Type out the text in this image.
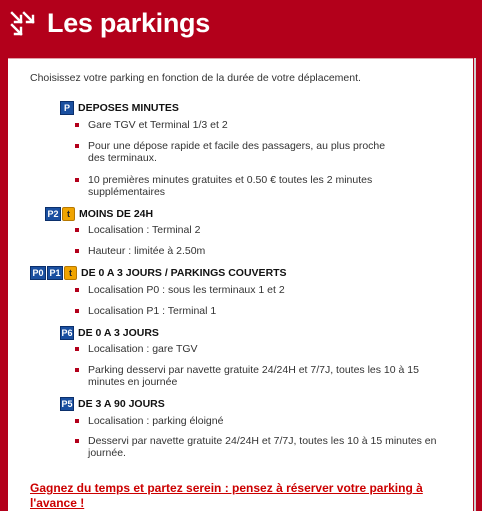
Les parkings
Choisissez votre parking en fonction de la durée de votre déplacement.
P DEPOSES MINUTES
Gare TGV et Terminal 1/3 et 2
Pour une dépose rapide et facile des passagers, au plus proche des terminaux.
10 premières minutes gratuites et 0.50 € toutes les 2 minutes supplémentaires
P2 t MOINS DE 24H
Localisation : Terminal 2
Hauteur : limitée à 2.50m
P0 P1 t DE 0 A 3 JOURS / PARKINGS COUVERTS
Localisation P0 : sous les terminaux 1 et 2
Localisation P1 : Terminal 1
P6 DE 0 A 3 JOURS
Localisation : gare TGV
Parking desservi par navette gratuite 24/24H et 7/7J, toutes les 10 à 15 minutes en journée
P5 DE 3 A 90 JOURS
Localisation : parking éloigné
Desservi par navette gratuite 24/24H et 7/7J, toutes les 10 à 15 minutes en journée.
Gagnez du temps et partez serein : pensez à réserver votre parking à l'avance !
